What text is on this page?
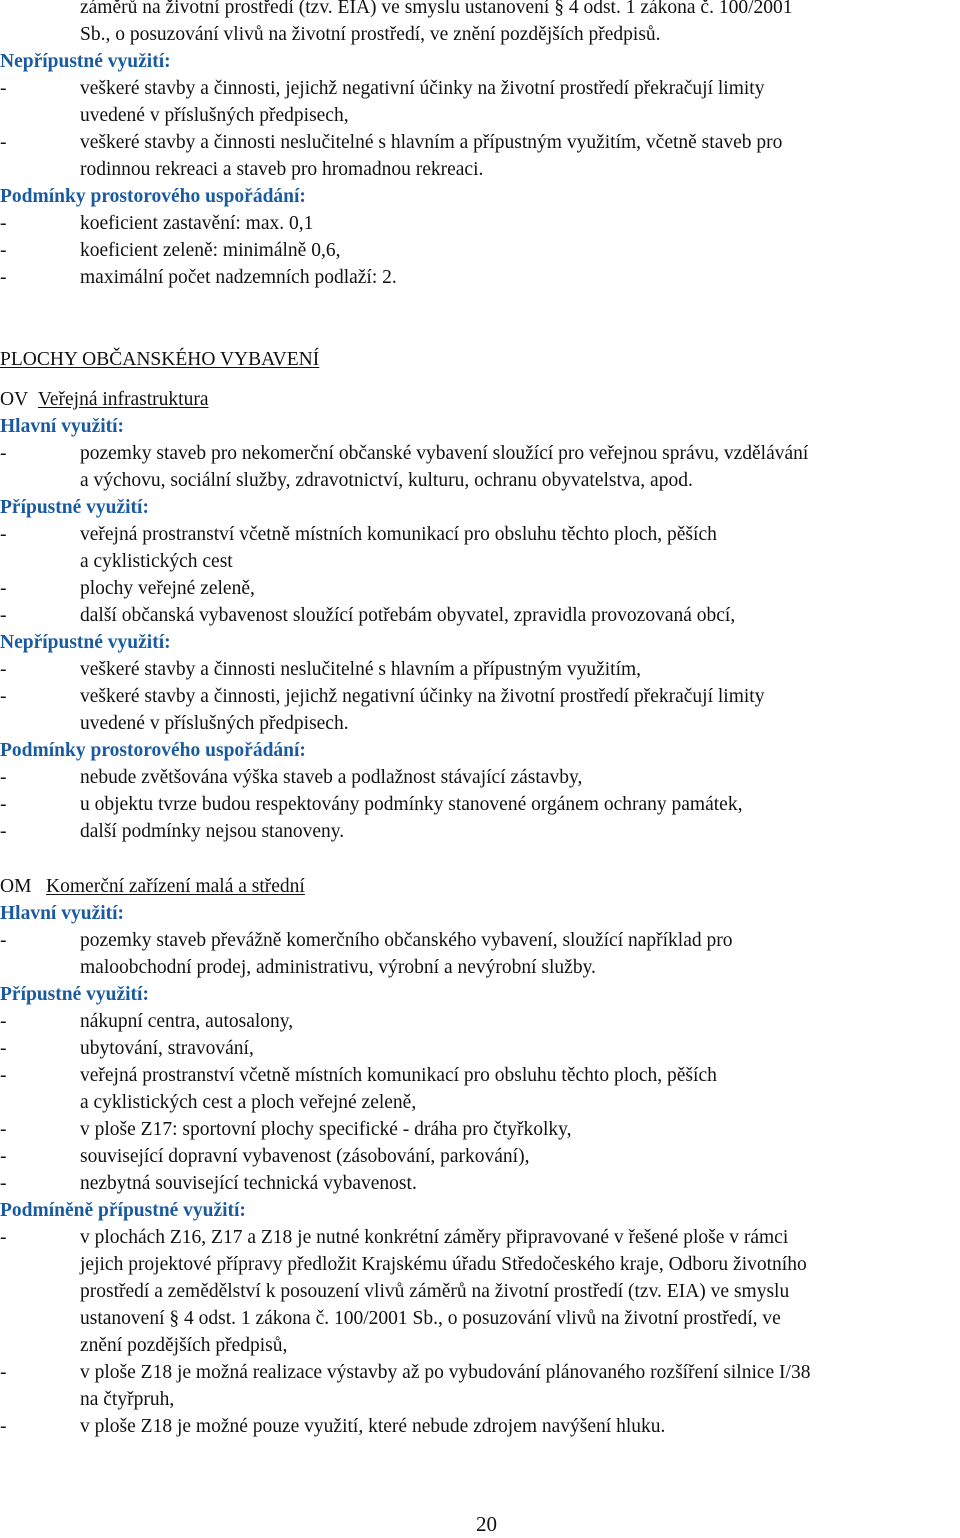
záměrů na životní prostředí (tzv. EIA) ve smyslu ustanovení § 4 odst. 1 zákona č. 100/2001
Sb., o posuzování vlivů na životní prostředí, ve znění pozdějších předpisů.
Nepřípustné využití:
-	veškeré stavby a činnosti, jejichž negativní účinky na životní prostředí překračují limity
uvedené v příslušných předpisech,
-	veškeré stavby a činnosti neslučitelné s hlavním a přípustným využitím, včetně staveb pro
rodinnou rekreaci a staveb pro hromadnou rekreaci.
Podmínky prostorového uspořádání:
-	koeficient zastavění: max. 0,1
-	koeficient zeleně: minimálně 0,6,
-	maximální počet nadzemních podlaží: 2.
PLOCHY OBČANSKÉHO VYBAVENÍ
OV Veřejná infrastruktura
Hlavní využití:
-	pozemky staveb pro nekomerční občanské vybavení sloužící pro veřejnou správu, vzdělávání
a výchovu, sociální služby, zdravotnictví, kulturu, ochranu obyvatelstva, apod.
Přípustné využití:
-	veřejná prostranství včetně místních komunikací pro obsluhu těchto ploch, pěších
a cyklistických cest
-	plochy veřejné zeleně,
-	další občanská vybavenost sloužící potřebám obyvatel, zpravidla provozovaná obcí,
Nepřípustné využití:
-	veškeré stavby a činnosti neslučitelné s hlavním a přípustným využitím,
-	veškeré stavby a činnosti, jejichž negativní účinky na životní prostředí překračují limity
uvedené v příslušných předpisech.
Podmínky prostorového uspořádání:
-	nebude zvětšována výška staveb a podlažnost stávající zástavby,
-	u objektu tvrze budou respektovány podmínky stanovené orgánem ochrany památek,
-	další podmínky nejsou stanoveny.
OM Komerční zařízení malá a střední
Hlavní využití:
-	pozemky staveb převážně komerčního občanského vybavení, sloužící například pro
maloobchodní prodej, administrativu, výrobní a nevýrobní služby.
Přípustné využití:
-	nákupní centra, autosalony,
-	ubytování, stravování,
-	veřejná prostranství včetně místních komunikací pro obsluhu těchto ploch, pěších
a cyklistických cest a ploch veřejné zeleně,
-	v ploše Z17: sportovní plochy specifické - dráha pro čtyřkolky,
-	související dopravní vybavenost (zásobování, parkování),
-	nezbytná související technická vybavenost.
Podmíněně přípustné využití:
-	v plochách Z16, Z17 a Z18 je nutné konkrétní záměry připravované v řešené ploše v rámci
jejich projektové přípravy předložit Krajskému úřadu Středočeského kraje, Odboru životního
prostředí a zemědělství k posouzení vlivů záměrů na životní prostředí (tzv. EIA) ve smyslu
ustanovení § 4 odst. 1 zákona č. 100/2001 Sb., o posuzování vlivů na životní prostředí, ve
znění pozdějších předpisů,
-	v ploše Z18 je možná realizace výstavby až po vybudování plánovaného rozšíření silnice I/38
na čtyřpruh,
-	v ploše Z18 je možné pouze využití, které nebude zdrojem navýšení hluku.
20
